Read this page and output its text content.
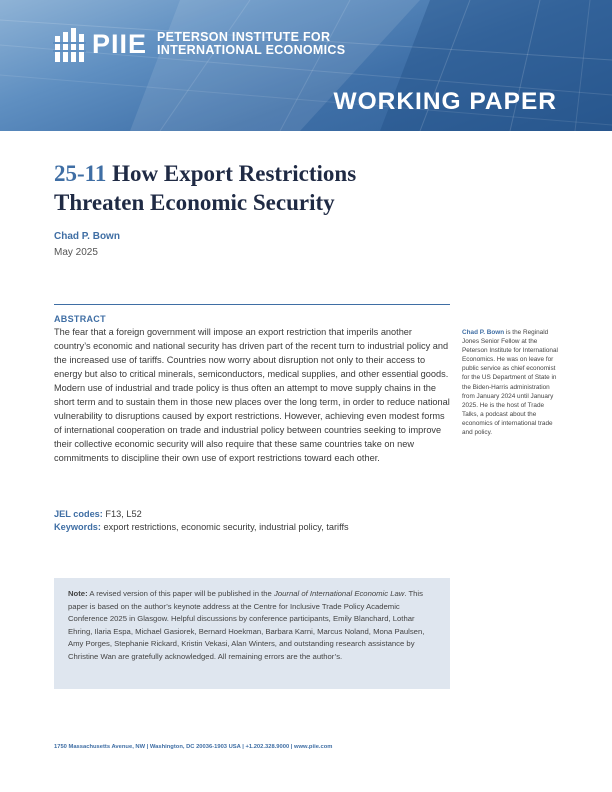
PIIE PETERSON INSTITUTE FOR
INTERNATIONAL ECONOMICS
WORKING PAPER
25-11 How Export Restrictions
Threaten Economic Security
Chad P. Bown
May 2025
ABSTRACT
The fear that a foreign government will impose an export restriction that imperils another country’s economic and national security has driven part of the recent turn to industrial policy and the increased use of tariffs. Countries now worry about disruption not only to their access to energy but also to critical minerals, semiconductors, medical supplies, and other essential goods. Modern use of industrial and trade policy is thus often an attempt to move supply chains in the short term and to sustain them in those new places over the long term, in order to reduce national vulnerability to disruptions caused by export restrictions. However, achieving even modest forms of international cooperation on trade and industrial policy between countries seeking to improve their collective economic security will also require that these same countries take on new commitments to discipline their own use of export restrictions toward each other.
Chad P. Bown is the Reginald Jones Senior Fellow at the Peterson Institute for International Economics. He was on leave for public service as chief economist for the US Department of State in the Biden-Harris administration from January 2024 until January 2025. He is the host of Trade Talks, a podcast about the economics of international trade and policy.
JEL codes: F13, L52
Keywords: export restrictions, economic security, industrial policy, tariffs
Note: A revised version of this paper will be published in the Journal of International Economic Law. This paper is based on the author’s keynote address at the Centre for Inclusive Trade Policy Academic Conference 2025 in Glasgow. Helpful discussions by conference participants, Emily Blanchard, Lothar Ehring, Ilaria Espa, Michael Gasiorek, Bernard Hoekman, Barbara Karni, Marcus Noland, Mona Paulsen, Amy Porges, Stephanie Rickard, Kristin Vekasi, Alan Winters, and outstanding research assistance by Christine Wan are gratefully acknowledged. All remaining errors are the author’s.
1750 Massachusetts Avenue, NW | Washington, DC 20036-1903 USA | +1.202.328.9000 | www.piie.com
